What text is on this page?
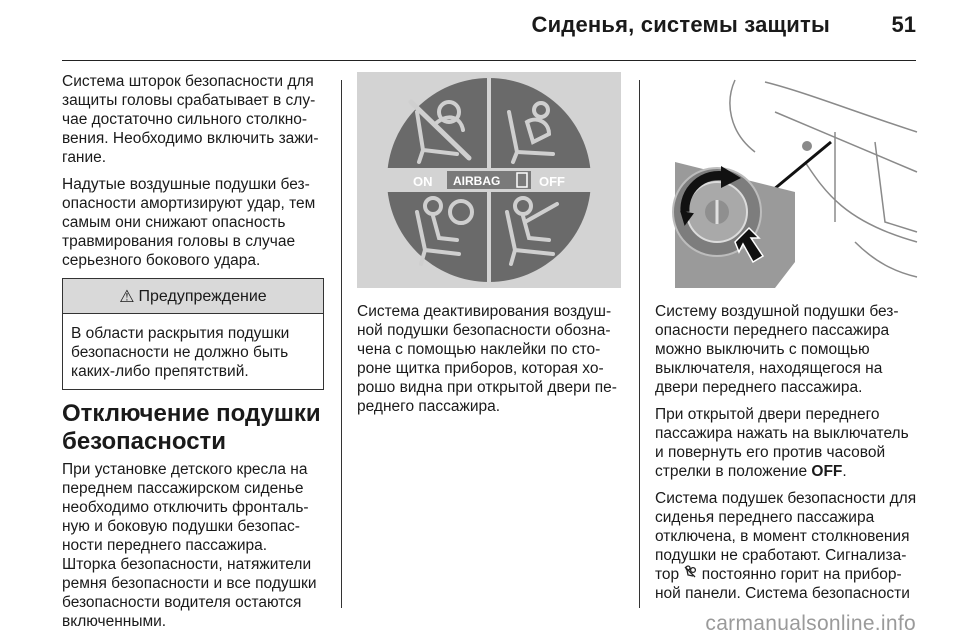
Сиденья, системы защиты	51

Система шторок безопасности для защиты головы срабатывает в слу-чае достаточно сильного столкно-вения. Необходимо включить зажи-гание.

Надутые воздушные подушки без-опасности амортизируют удар, тем самым они снижают опасность травмирования головы в случае серьезного бокового удара.

⚠ Предупреждение
В области раскрытия подушки безопасности не должно быть каких-либо препятствий.
Отключение подушки безопасности

При установке детского кресла на переднем пассажирском сиденье необходимо отключить фронталь-ную и боковую подушки безопас-ности переднего пассажира.

Шторка безопасности, натяжители ремня безопасности и все подушки безопасности водителя остаются включенными.

ON AIRBAG	OFF

Система деактивирования воздуш-ной подушки безопасности обозна-чена с помощью наклейки по сто-роне щитка приборов, которая хо-рошо видна при открытой двери пе-реднего пассажира.

Систему воздушной подушки без-опасности переднего пассажира можно выключить с помощью выключателя, находящегося на двери переднего пассажира.

При открытой двери переднего пассажира нажать на выключатель и повернуть его против часовой стрелки в положение OFF.

Система подушек безопасности для сиденья переднего пассажира отключена, в момент столкновения подушки не сработают. Сигнализа-тор постоянно горит на прибор-ной панели. Система безопасности

carmanualsonline.info
